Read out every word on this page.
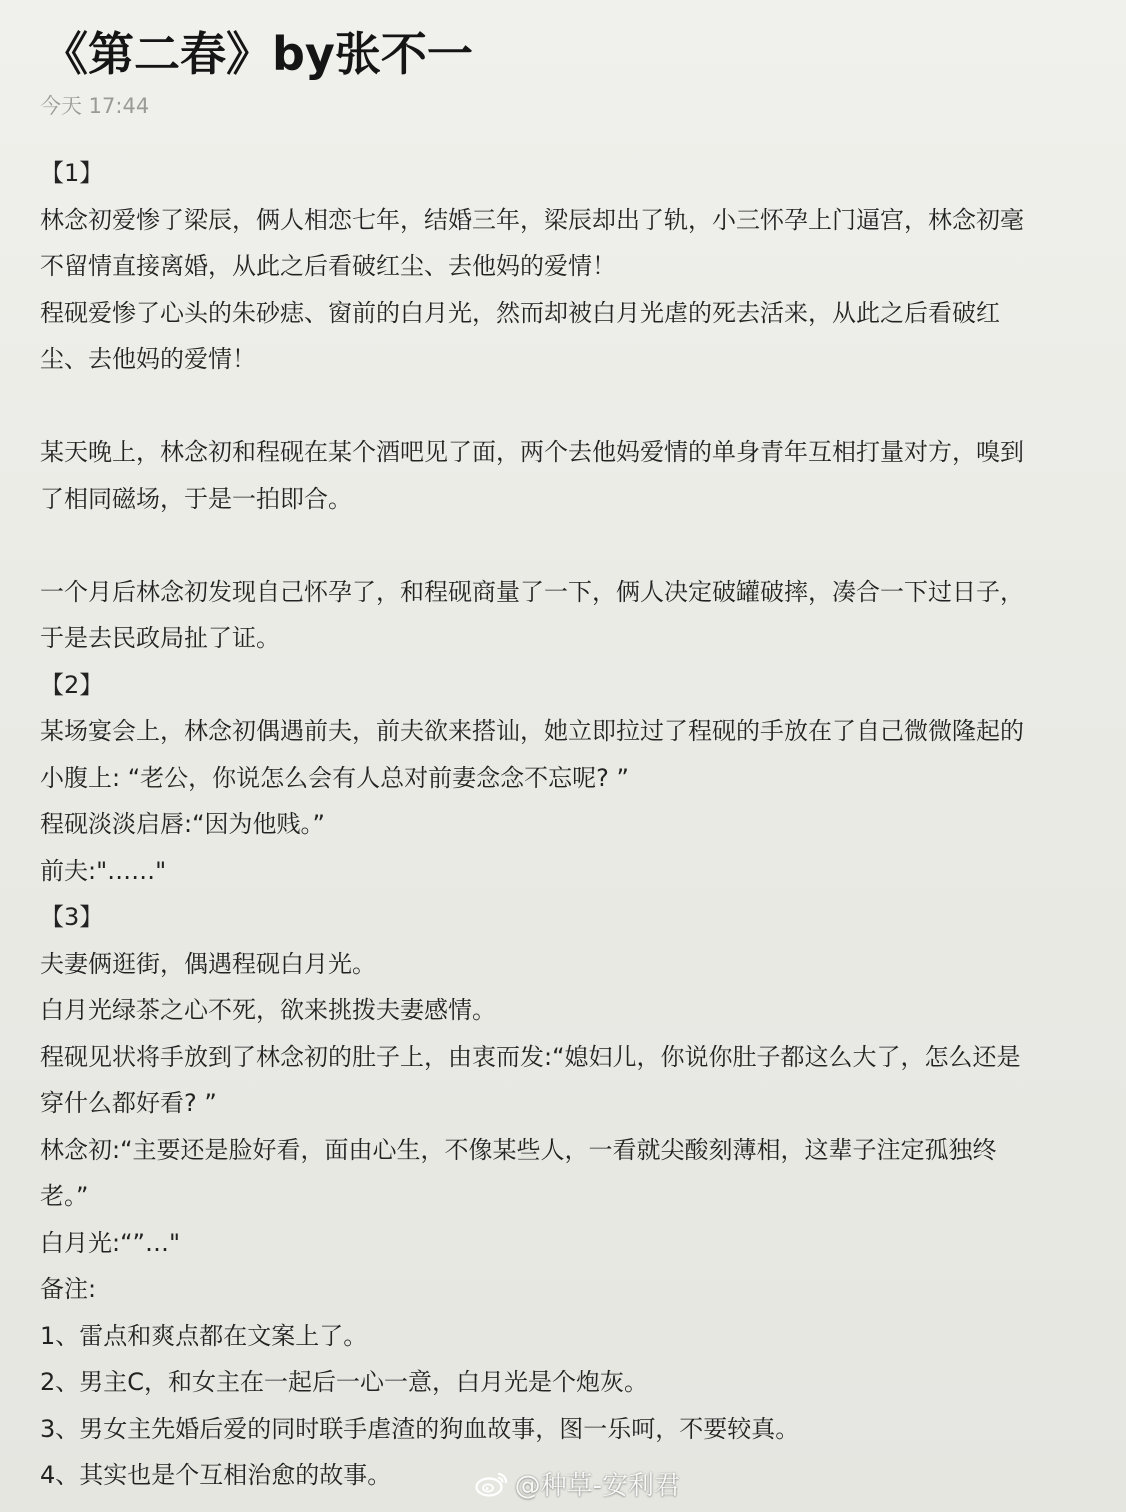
《第二春》by张不一
今天 17:44
【1】
林念初爱惨了梁辰，俩人相恋七年，结婚三年，梁辰却出了轨，小三怀孕上门逼宫，林念初毫
不留情直接离婚，从此之后看破红尘、去他妈的爱情！
程砚爱惨了心头的朱砂痣、窗前的白月光，然而却被白月光虐的死去活来，从此之后看破红
尘、去他妈的爱情！
某天晚上，林念初和程砚在某个酒吧见了面，两个去他妈爱情的单身青年互相打量对方，嗅到
了相同磁场，于是一拍即合。
一个月后林念初发现自己怀孕了，和程砚商量了一下，俩人决定破罐破摔，凑合一下过日子，
于是去民政局扯了证。
【2】
某场宴会上，林念初偶遇前夫，前夫欲来搭讪，她立即拉过了程砚的手放在了自己微微隆起的
小腹上: “老公，你说怎么会有人总对前妻念念不忘呢? ”
程砚淡淡启唇:“因为他贱。”
前夫:"……"
【3】
夫妻俩逛街，偶遇程砚白月光。
白月光绿茶之心不死，欲来挑拨夫妻感情。
程砚见状将手放到了林念初的肚子上，由衷而发:“媳妇儿，你说你肚子都这么大了，怎么还是
穿什么都好看? ”
林念初:“主要还是脸好看，面由心生，不像某些人，一看就尖酸刻薄相，这辈子注定孤独终
老。”
白月光:“”…"
备注:
1、雷点和爽点都在文案上了。
2、男主C，和女主在一起后一心一意，白月光是个炮灰。
3、男女主先婚后爱的同时联手虐渣的狗血故事，图一乐呵，不要较真。
4、其实也是个互相治愈的故事。	@种草-安利君
